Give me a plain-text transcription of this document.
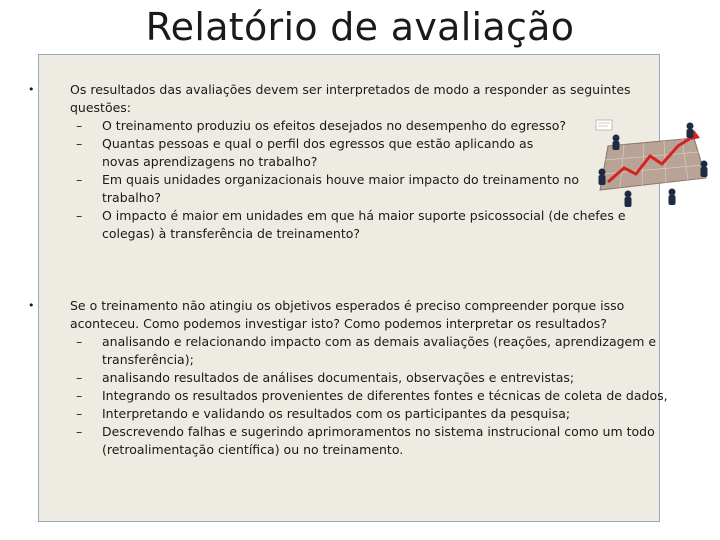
Relatório de avaliação
•	Os resultados das avaliações devem ser interpretados de modo a responder as seguintes questões:
– O treinamento produziu os efeitos desejados no desempenho do egresso?
– Quantas pessoas e qual o perfil dos egressos que estão aplicando as novas aprendizagens no trabalho?
– Em quais unidades organizacionais houve maior impacto do treinamento no trabalho?
– O impacto é maior em unidades em que há maior suporte psicossocial (de chefes e colegas) à transferência de treinamento?
•	Se o treinamento não atingiu os objetivos esperados é preciso compreender porque isso aconteceu. Como podemos investigar isto? Como podemos interpretar os resultados?
– analisando e relacionando impacto com as demais avaliações (reações, aprendizagem e transferência);
– analisando resultados de análises documentais, observações e entrevistas;
– Integrando os resultados provenientes de diferentes fontes e técnicas de coleta de dados,
– Interpretando e validando os resultados com os participantes da pesquisa;
– Descrevendo falhas e sugerindo aprimoramentos no sistema instrucional como um todo (retroalimentação científica) ou no treinamento.
